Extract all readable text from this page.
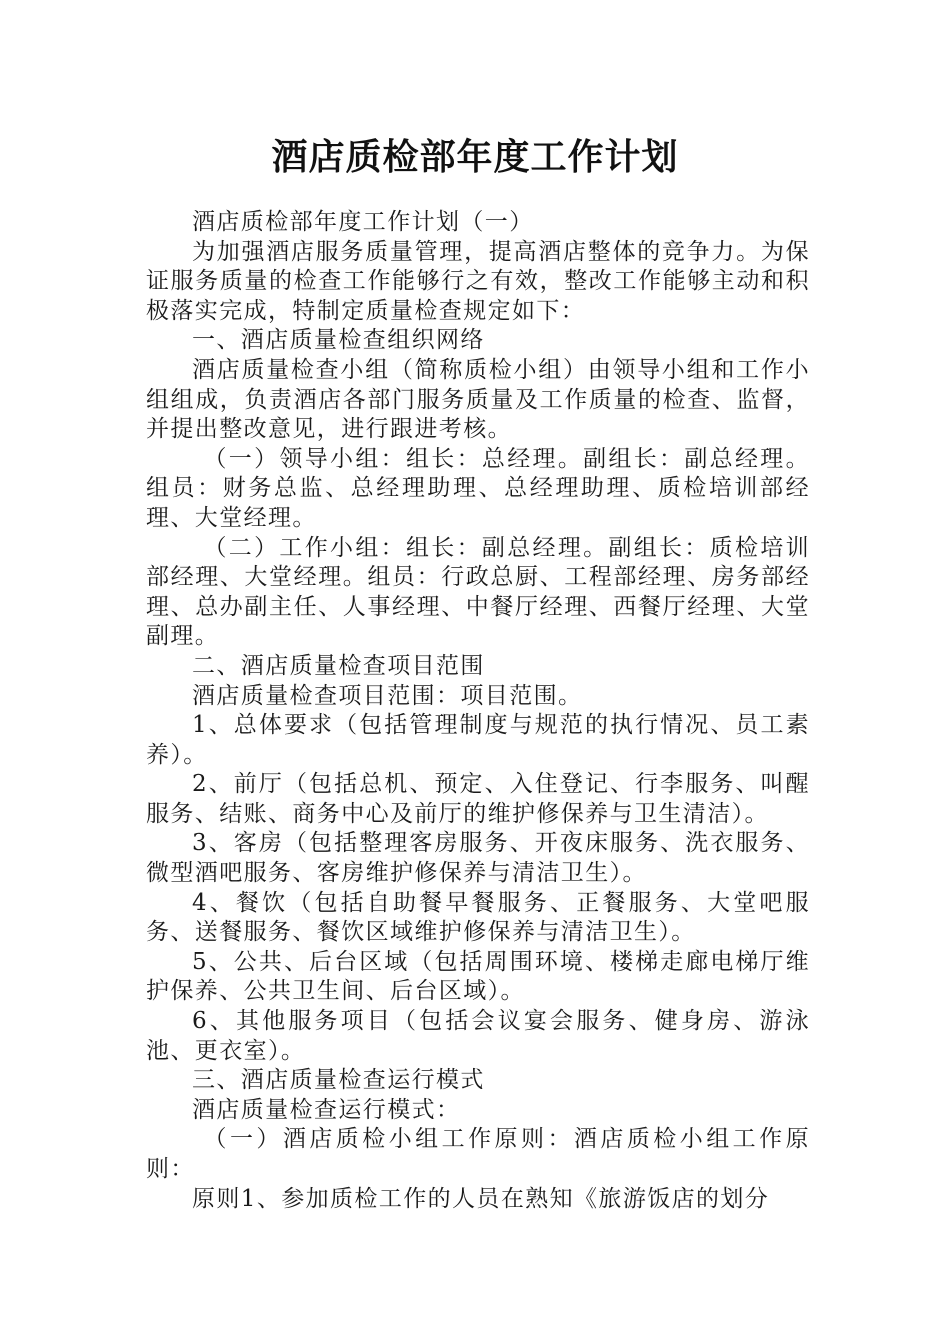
酒店质检部年度工作计划

酒店质检部年度工作计划（一）

为加强酒店服务质量管理，提高酒店整体的竞争力。为保证服务质量的检查工作能够行之有效，整改工作能够主动和积极落实完成，特制定质量检查规定如下：

一、酒店质量检查组织网络

酒店质量检查小组（简称质检小组）由领导小组和工作小组组成，负责酒店各部门服务质量及工作质量的检查、监督，并提出整改意见，进行跟进考核。

（一）领导小组：组长：总经理。副组长：副总经理。组员：财务总监、总经理助理、总经理助理、质检培训部经理、大堂经理。

（二）工作小组：组长：副总经理。副组长：质检培训部经理、大堂经理。组员：行政总厨、工程部经理、房务部经理、总办副主任、人事经理、中餐厅经理、西餐厅经理、大堂副理。

二、酒店质量检查项目范围

酒店质量检查项目范围：项目范围。

1、总体要求（包括管理制度与规范的执行情况、员工素养）。

2、前厅（包括总机、预定、入住登记、行李服务、叫醒服务、结账、商务中心及前厅的维护修保养与卫生清洁）。

3、客房（包括整理客房服务、开夜床服务、洗衣服务、微型酒吧服务、客房维护修保养与清洁卫生）。

4、餐饮（包括自助餐早餐服务、正餐服务、大堂吧服务、送餐服务、餐饮区域维护修保养与清洁卫生）。

5、公共、后台区域（包括周围环境、楼梯走廊电梯厅维护保养、公共卫生间、后台区域）。

6、其他服务项目（包括会议宴会服务、健身房、游泳池、更衣室）。

三、酒店质量检查运行模式

酒店质量检查运行模式：

（一）酒店质检小组工作原则：酒店质检小组工作原则：

原则1、参加质检工作的人员在熟知《旅游饭店的划分
